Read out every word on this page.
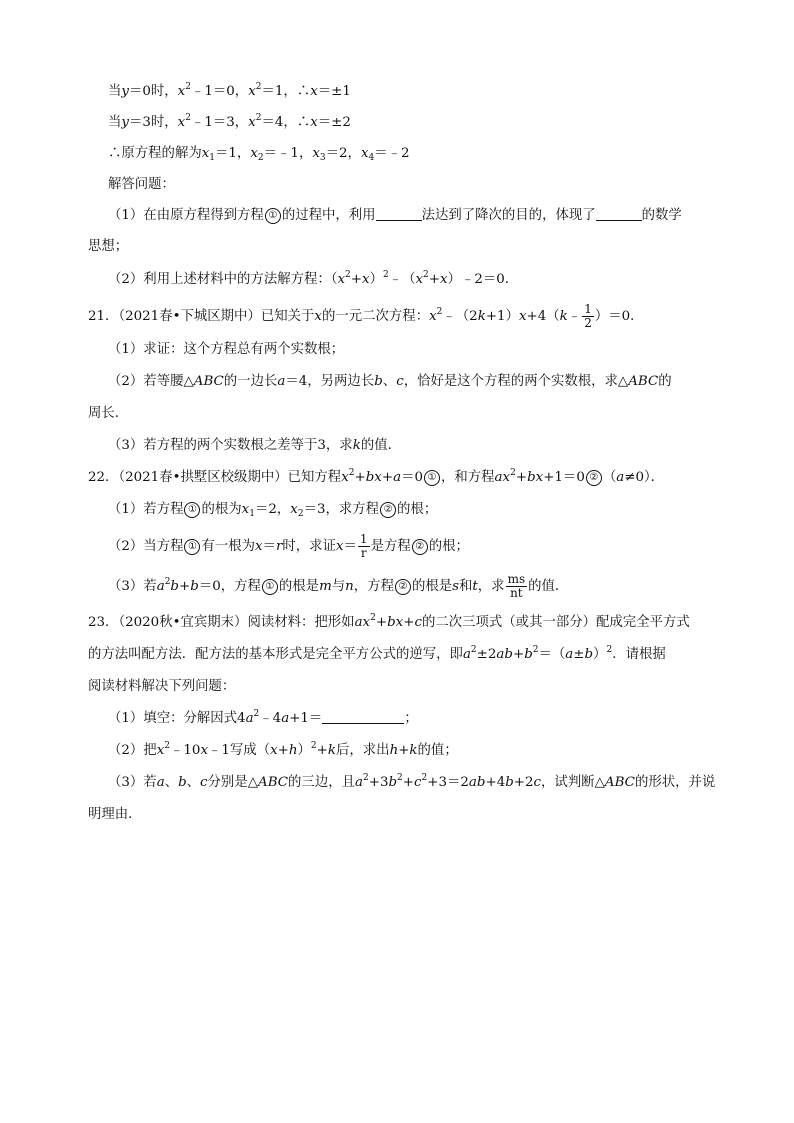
当y＝0时，$x^2﹣1=0$，$x^2=1$，∴x＝±1
当y＝3时，$x^2﹣1=3$，$x^2=4$，∴x＝±2
∴原方程的解为$x_1=1$，$x_2=﹣1$，$x_3=2$，$x_4=﹣2$
解答问题：
（1）在由原方程得到方程 ① 的过程中，利用	法达到了降次的目的，体现了	的数学
思想；
（2）利用上述材料中的方法解方程：$(x^2+x)^2﹣(x^2+x)﹣2=0$．
21．（2021春•下城区期中）已知关于x的一元二次方程：$x^2﹣(2k+1)x+4(k﹣ \frac{1}{2} )=0$．
（1）求证：这个方程总有两个实数根；
（2）若等腰△ABC的一边长a＝4，另两边长b、c，恰好是这个方程的两个实数根，求△ABC的
周长．
（3）若方程的两个实数根之差等于3，求k的值．
22．（2021春•拱墅区校级期中）已知方程$x^2+bx+a=0$ ① ，和方程$ax^2+bx+1=0$ ② （a≠0）．
（1）若方程 ① 的根为$x_1=2$，$x_2=3$，求方程 ② 的根；
（2）当方程 ① 有一根为x＝r时，求证$x= \frac{1}{r}$ 是方程 ② 的根；
（3）若$a^2b+b=0$，方程 ① 的根是m与n，方程 ② 的根是s和t，求 $\frac{ms}{nt}$ 的值．
23．（2020秋•宜宾期末）阅读材料：把形如$ax^2+bx+c$的二次三项式（或其一部分）配成完全平方式
的方法叫配方法．配方法的基本形式是完全平方公式的逆写，即$a^2\pm 2ab+b^2=(a\pm b)^2$．请根据
阅读材料解决下列问题：
（1）填空：分解因式$4a^2﹣4a+1=$	；
（2）把$x^2﹣10x﹣1$写成$(x+h)^2+k$后，求出h+k的值；
（3）若a、b、c分别是△ABC的三边，且$a^2+3b^2+c^2+3=2ab+4b+2c$，试判断△ABC的形状，并说
明理由．
